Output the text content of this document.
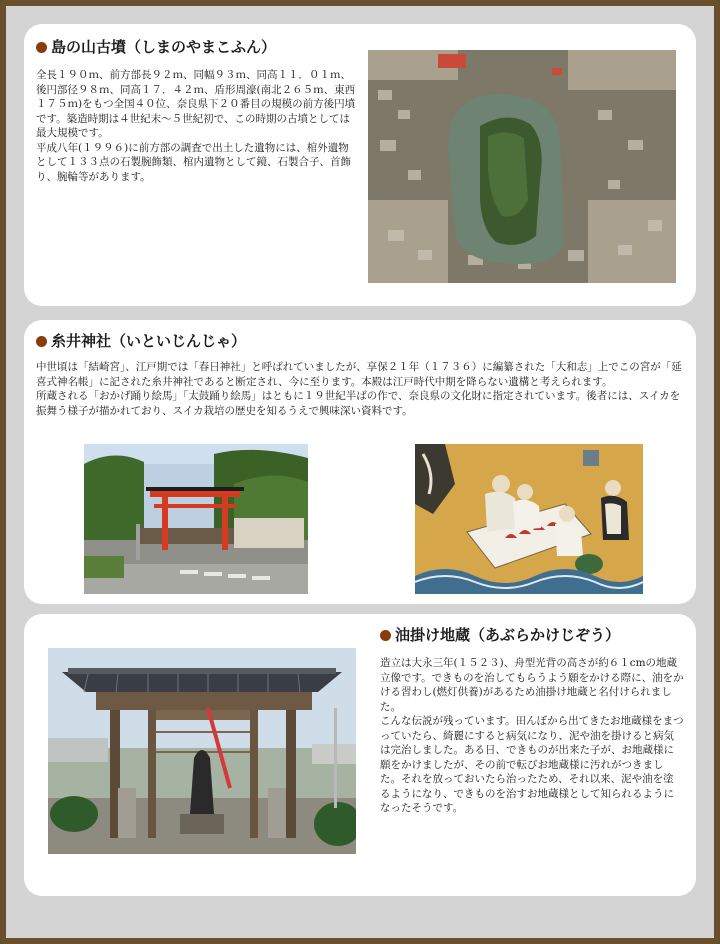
島の山古墳（しまのやまこふん）
全長１９０ｍ、前方部長９２ｍ、同幅９３ｍ、同高１１．０１ｍ、後円部径９８ｍ、同高１７．４２ｍ、盾形周濠(南北２６５ｍ、東西１７５ｍ)をもつ全国４０位、奈良県下２０番目の規模の前方後円墳です。築造時期は４世紀末～５世紀初で、この時期の古墳としては最大規模です。
平成八年(１９９６)に前方部の調査で出土した遺物には、棺外遺物として１３３点の石製腕飾類、棺内遺物として鏡、石製合子、首飾り、腕輪等があります。
糸井神社（いといじんじゃ）
中世頃は「結崎宮」、江戸期では「春日神社」と呼ばれていましたが、享保２１年（１７３６）に編纂された「大和志」上でこの宮が「延喜式神名帳」に記された糸井神社であると断定され、今に至ります。本殿は江戸時代中期を降らない遺構と考えられます。
所蔵される「おかげ踊り絵馬」「太鼓踊り絵馬」はともに１９世紀半ばの作で、奈良県の文化財に指定されています。後者には、スイカを振舞う様子が描かれており、スイカ栽培の歴史を知るうえで興味深い資料です。
油掛け地蔵（あぶらかけじぞう）
造立は大永三年(１５２３)、舟型光背の高さが約６１cmの地蔵立像です。できものを治してもらうよう願をかける際に、油をかける習わし(燃灯供養)があるため油掛け地蔵と名付けられました。
こんな伝説が残っています。田んぼから出てきたお地蔵様をまつっていたら、綺麗にすると病気になり、泥や油を掛けると病気は完治しました。ある日、できものが出来た子が、お地蔵様に願をかけましたが、その前で転びお地蔵様に汚れがつきました。それを放っておいたら治ったため、それ以来、泥や油を塗るようになり、できものを治すお地蔵様として知られるようになったそうです。
